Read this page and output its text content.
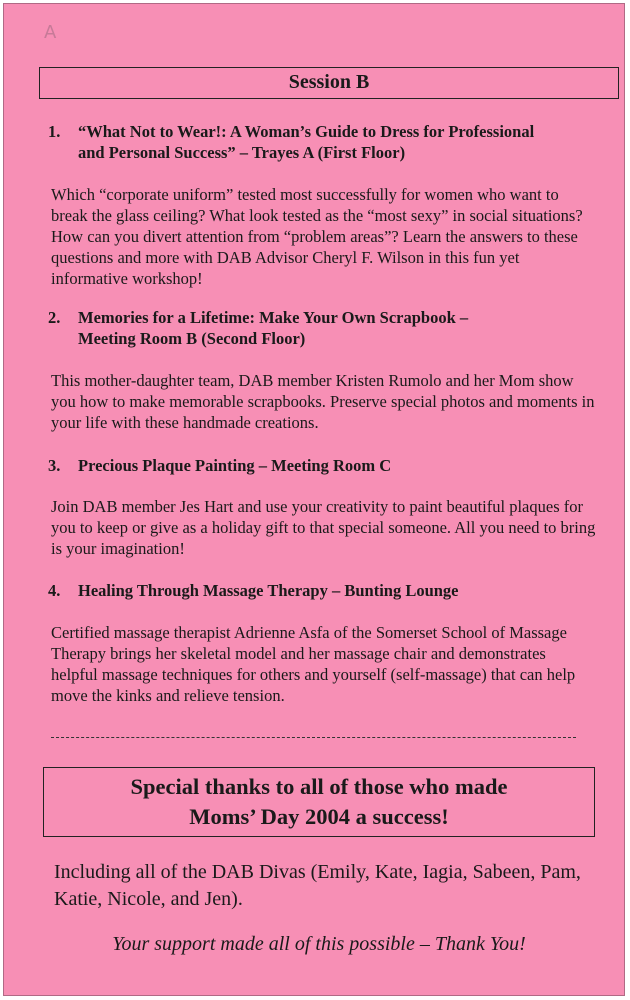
A
Session B
1. “What Not to Wear!: A Woman’s Guide to Dress for Professional
and Personal Success” – Trayes A (First Floor)
Which “corporate uniform” tested most successfully for women who want to break the glass ceiling? What look tested as the “most sexy” in social situations? How can you divert attention from “problem areas”? Learn the answers to these questions and more with DAB Advisor Cheryl F. Wilson in this fun yet informative workshop!
2. Memories for a Lifetime: Make Your Own Scrapbook –
Meeting Room B (Second Floor)
This mother-daughter team, DAB member Kristen Rumolo and her Mom show you how to make memorable scrapbooks. Preserve special photos and moments in your life with these handmade creations.
3. Precious Plaque Painting – Meeting Room C
Join DAB member Jes Hart and use your creativity to paint beautiful plaques for you to keep or give as a holiday gift to that special someone. All you need to bring is your imagination!
4. Healing Through Massage Therapy – Bunting Lounge
Certified massage therapist Adrienne Asfa of the Somerset School of Massage Therapy brings her skeletal model and her massage chair and demonstrates helpful massage techniques for others and yourself (self-massage) that can help move the kinks and relieve tension.
Special thanks to all of those who made
Moms’ Day 2004 a success!
Including all of the DAB Divas (Emily, Kate, Iagia, Sabeen, Pam, Katie, Nicole, and Jen).
Your support made all of this possible – Thank You!
